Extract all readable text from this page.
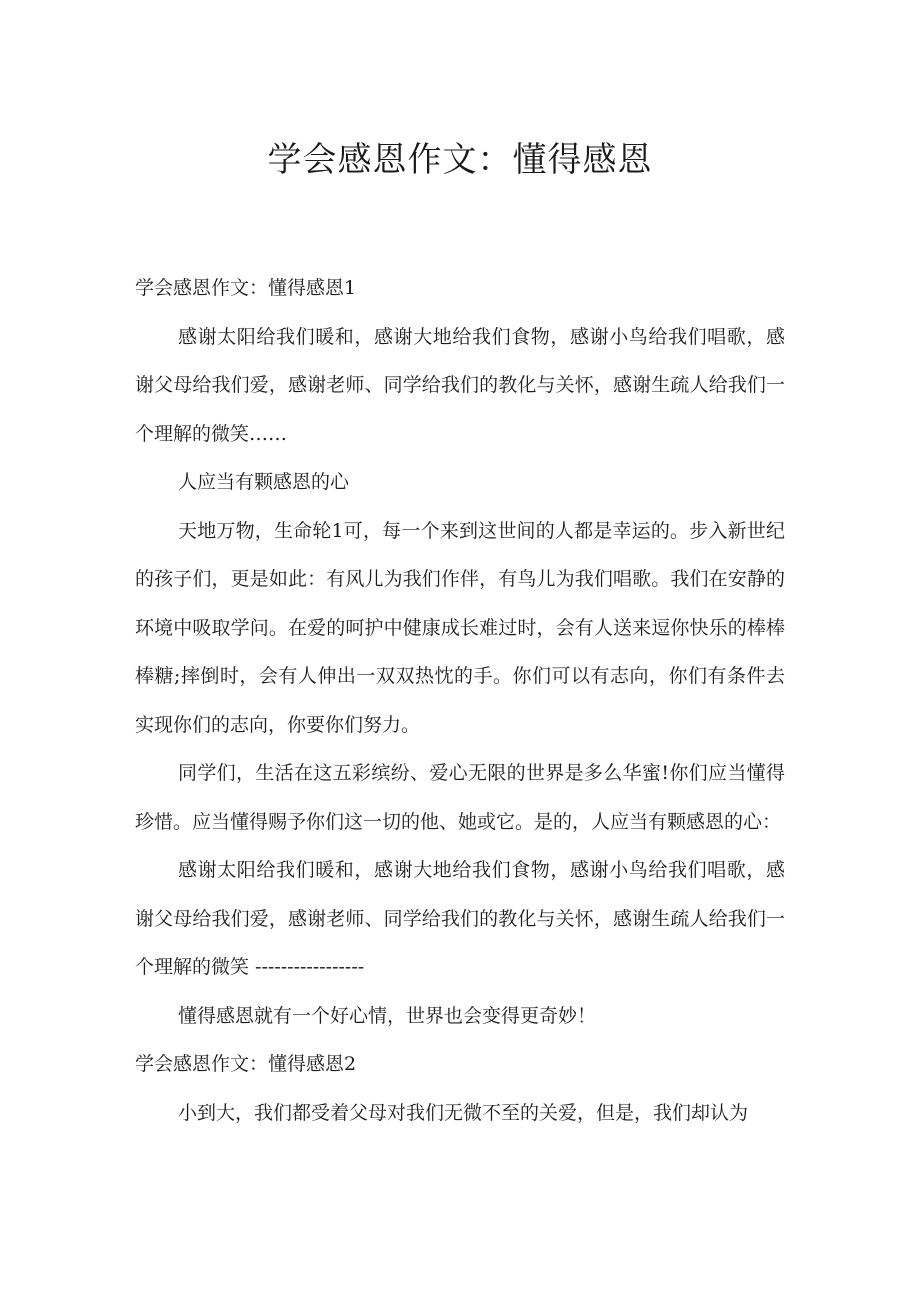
学会感恩作文：懂得感恩
学会感恩作文：懂得感恩1

感谢太阳给我们暖和，感谢大地给我们食物，感谢小鸟给我们唱歌，感谢父母给我们爱，感谢老师、同学给我们的教化与关怀，感谢生疏人给我们一个理解的微笑……

人应当有颗感恩的心

天地万物，生命轮1可，每一个来到这世间的人都是幸运的。步入新世纪的孩子们，更是如此：有风儿为我们作伴，有鸟儿为我们唱歌。我们在安静的环境中吸取学问。在爱的呵护中健康成长难过时，会有人送来逗你快乐的棒棒棒糖;摔倒时，会有人伸出一双双热忱的手。你们可以有志向，你们有条件去实现你们的志向，你要你们努力。

同学们，生活在这五彩缤纷、爱心无限的世界是多么华蜜!你们应当懂得珍惜。应当懂得赐予你们这一切的他、她或它。是的，人应当有颗感恩的心：

感谢太阳给我们暖和，感谢大地给我们食物，感谢小鸟给我们唱歌，感谢父母给我们爱，感谢老师、同学给我们的教化与关怀，感谢生疏人给我们一个理解的微笑 -----------------

懂得感恩就有一个好心情，世界也会变得更奇妙！

学会感恩作文：懂得感恩2

小到大，我们都受着父母对我们无微不至的关爱，但是，我们却认为
